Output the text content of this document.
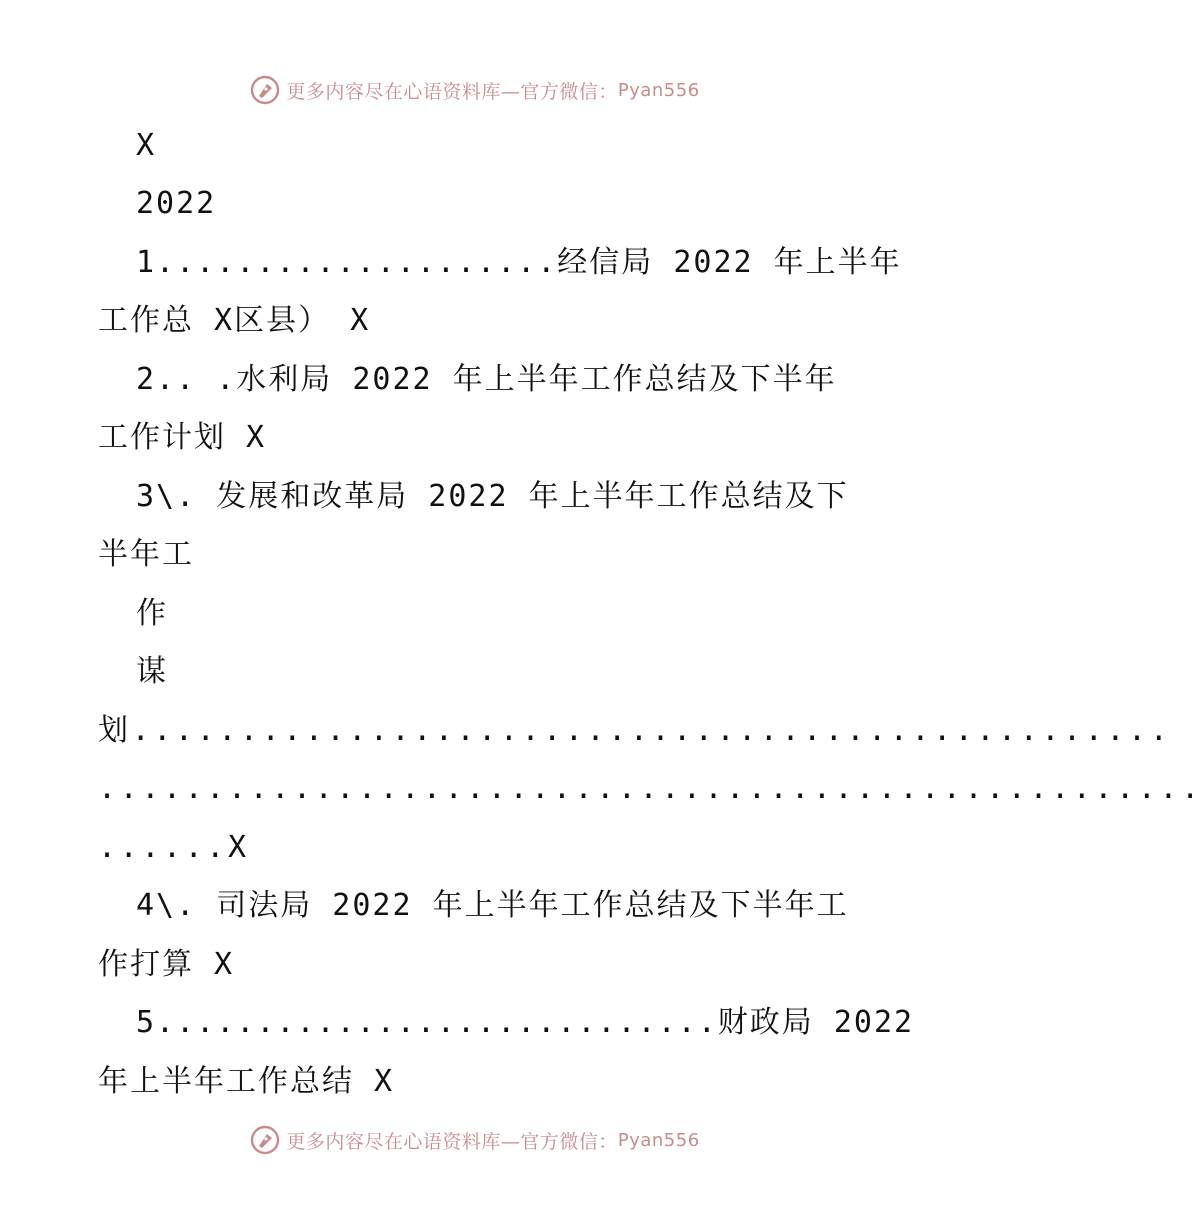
更多内容尽在心语资料库—官方微信： Pyan556
X
2022
1....................经信局 2022 年上半年
工作总 X区县） X
2.. .水利局 2022 年上半年工作总结及下半年
工作计划 X
3\. 发展和改革局 2022 年上半年工作总结及下
半年工
作
谋
划................................................
...................................................
......X
4\. 司法局 2022 年上半年工作总结及下半年工
作打算 X
5............................财政局 2022
年上半年工作总结 X
更多内容尽在心语资料库—官方微信： Pyan556
